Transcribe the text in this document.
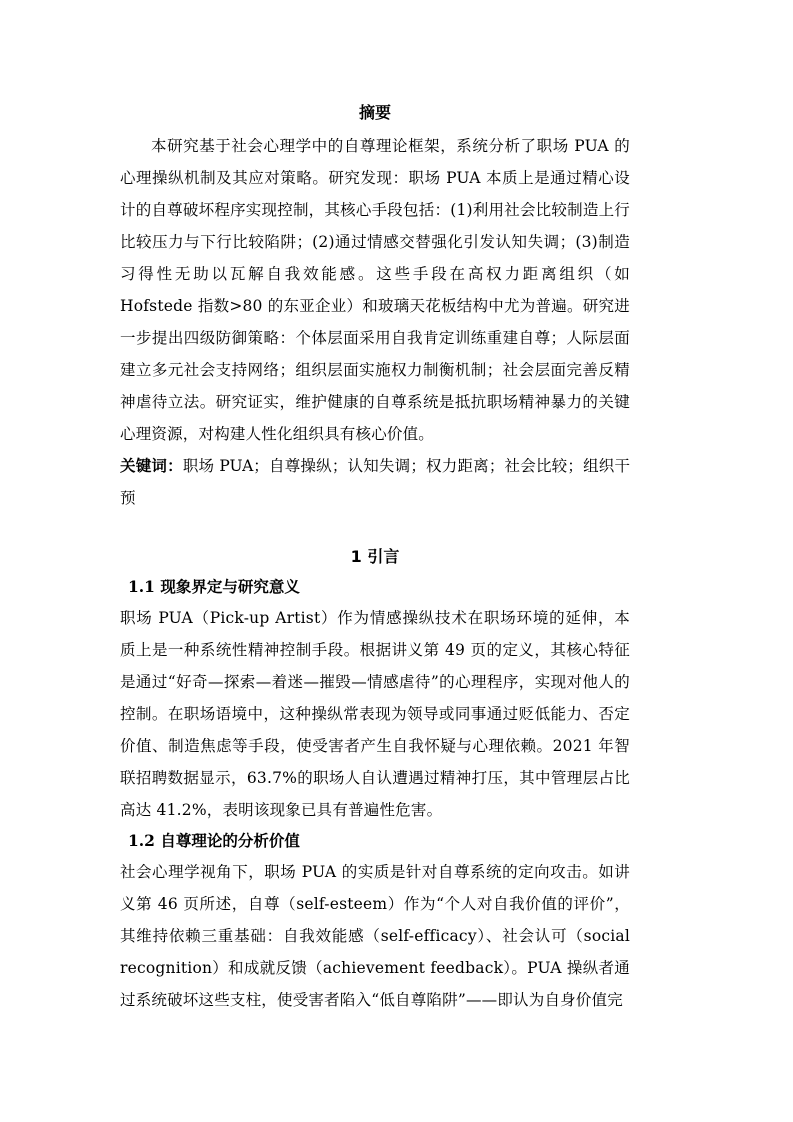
摘要

本研究基于社会心理学中的自尊理论框架，系统分析了职场 PUA 的心理操纵机制及其应对策略。研究发现：职场 PUA 本质上是通过精心设计的自尊破坏程序实现控制，其核心手段包括：(1)利用社会比较制造上行比较压力与下行比较陷阱；(2)通过情感交替强化引发认知失调；(3)制造习得性无助以瓦解自我效能感。这些手段在高权力距离组织（如 Hofstede 指数>80 的东亚企业）和玻璃天花板结构中尤为普遍。研究进一步提出四级防御策略：个体层面采用自我肯定训练重建自尊；人际层面建立多元社会支持网络；组织层面实施权力制衡机制；社会层面完善反精神虐待立法。研究证实，维护健康的自尊系统是抵抗职场精神暴力的关键心理资源，对构建人性化组织具有核心价值。

关键词：职场 PUA；自尊操纵；认知失调；权力距离；社会比较；组织干预

1 引言
1.1 现象界定与研究意义

职场 PUA（Pick-up Artist）作为情感操纵技术在职场环境的延伸，本质上是一种系统性精神控制手段。根据讲义第 49 页的定义，其核心特征是通过“好奇—探索—着迷—摧毁—情感虐待”的心理程序，实现对他人的控制。在职场语境中，这种操纵常表现为领导或同事通过贬低能力、否定价值、制造焦虑等手段，使受害者产生自我怀疑与心理依赖。2021 年智联招聘数据显示，63.7%的职场人自认遭遇过精神打压，其中管理层占比高达 41.2%，表明该现象已具有普遍性危害。

1.2 自尊理论的分析价值

社会心理学视角下，职场 PUA 的实质是针对自尊系统的定向攻击。如讲义第 46 页所述，自尊（self-esteem）作为“个人对自我价值的评价”，其维持依赖三重基础：自我效能感（self-efficacy）、社会认可（social recognition）和成就反馈（achievement feedback）。PUA 操纵者通过系统破坏这些支柱，使受害者陷入“低自尊陷阱”——即认为自身价值完
